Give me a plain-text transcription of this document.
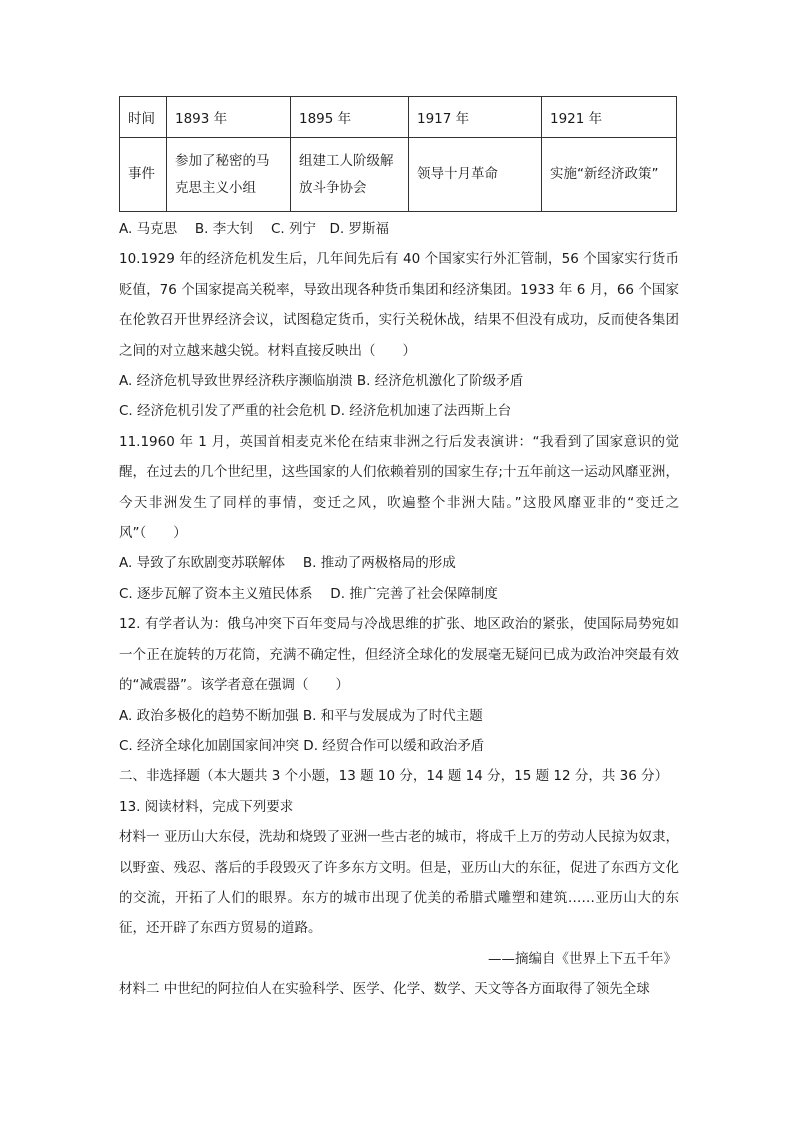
时间	1893 年	1895 年	1917 年	1921 年
事件	参加了秘密的马克思主义小组	组建工人阶级解放斗争协会	领导十月革命	实施“新经济政策”

A. 马克思　 B. 李大钊　 C. 列宁　D. 罗斯福

10.1929 年的经济危机发生后，几年间先后有 40 个国家实行外汇管制，56 个国家实行货币贬值，76 个国家提高关税率，导致出现各种货币集团和经济集团。1933 年 6 月，66 个国家在伦敦召开世界经济会议，试图稳定货币，实行关税休战，结果不但没有成功，反而使各集团之间的对立越来越尖锐。材料直接反映出（　　）

A. 经济危机导致世界经济秩序濒临崩溃 B. 经济危机激化了阶级矛盾

C. 经济危机引发了严重的社会危机 D. 经济危机加速了法西斯上台

11.1960 年 1 月，英国首相麦克米伦在结束非洲之行后发表演讲：“我看到了国家意识的觉醒，在过去的几个世纪里，这些国家的人们依赖着别的国家生存;十五年前这一运动风靡亚洲，今天非洲发生了同样的事情，变迁之风，吹遍整个非洲大陆。”这股风靡亚非的“变迁之风”（　　）

A. 导致了东欧剧变苏联解体　 B. 推动了两极格局的形成

C. 逐步瓦解了资本主义殖民体系　 D. 推广完善了社会保障制度

12. 有学者认为：俄乌冲突下百年变局与冷战思维的扩张、地区政治的紧张，使国际局势宛如一个正在旋转的万花筒，充满不确定性，但经济全球化的发展毫无疑问已成为政治冲突最有效的“减震器”。该学者意在强调（　　）

A. 政治多极化的趋势不断加强 B. 和平与发展成为了时代主题

C. 经济全球化加剧国家间冲突 D. 经贸合作可以缓和政治矛盾

二、非选择题（本大题共 3 个小题，13 题 10 分，14 题 14 分，15 题 12 分，共 36 分）

13. 阅读材料，完成下列要求

材料一 亚历山大东侵，洗劫和烧毁了亚洲一些古老的城市，将成千上万的劳动人民掠为奴隶，以野蛮、残忍、落后的手段毁灭了许多东方文明。但是，亚历山大的东征，促进了东西方文化的交流，开拓了人们的眼界。东方的城市出现了优美的希腊式雕塑和建筑……亚历山大的东征，还开辟了东西方贸易的道路。

——摘编自《世界上下五千年》

材料二 中世纪的阿拉伯人在实验科学、医学、化学、数学、天文等各方面取得了领先全球
